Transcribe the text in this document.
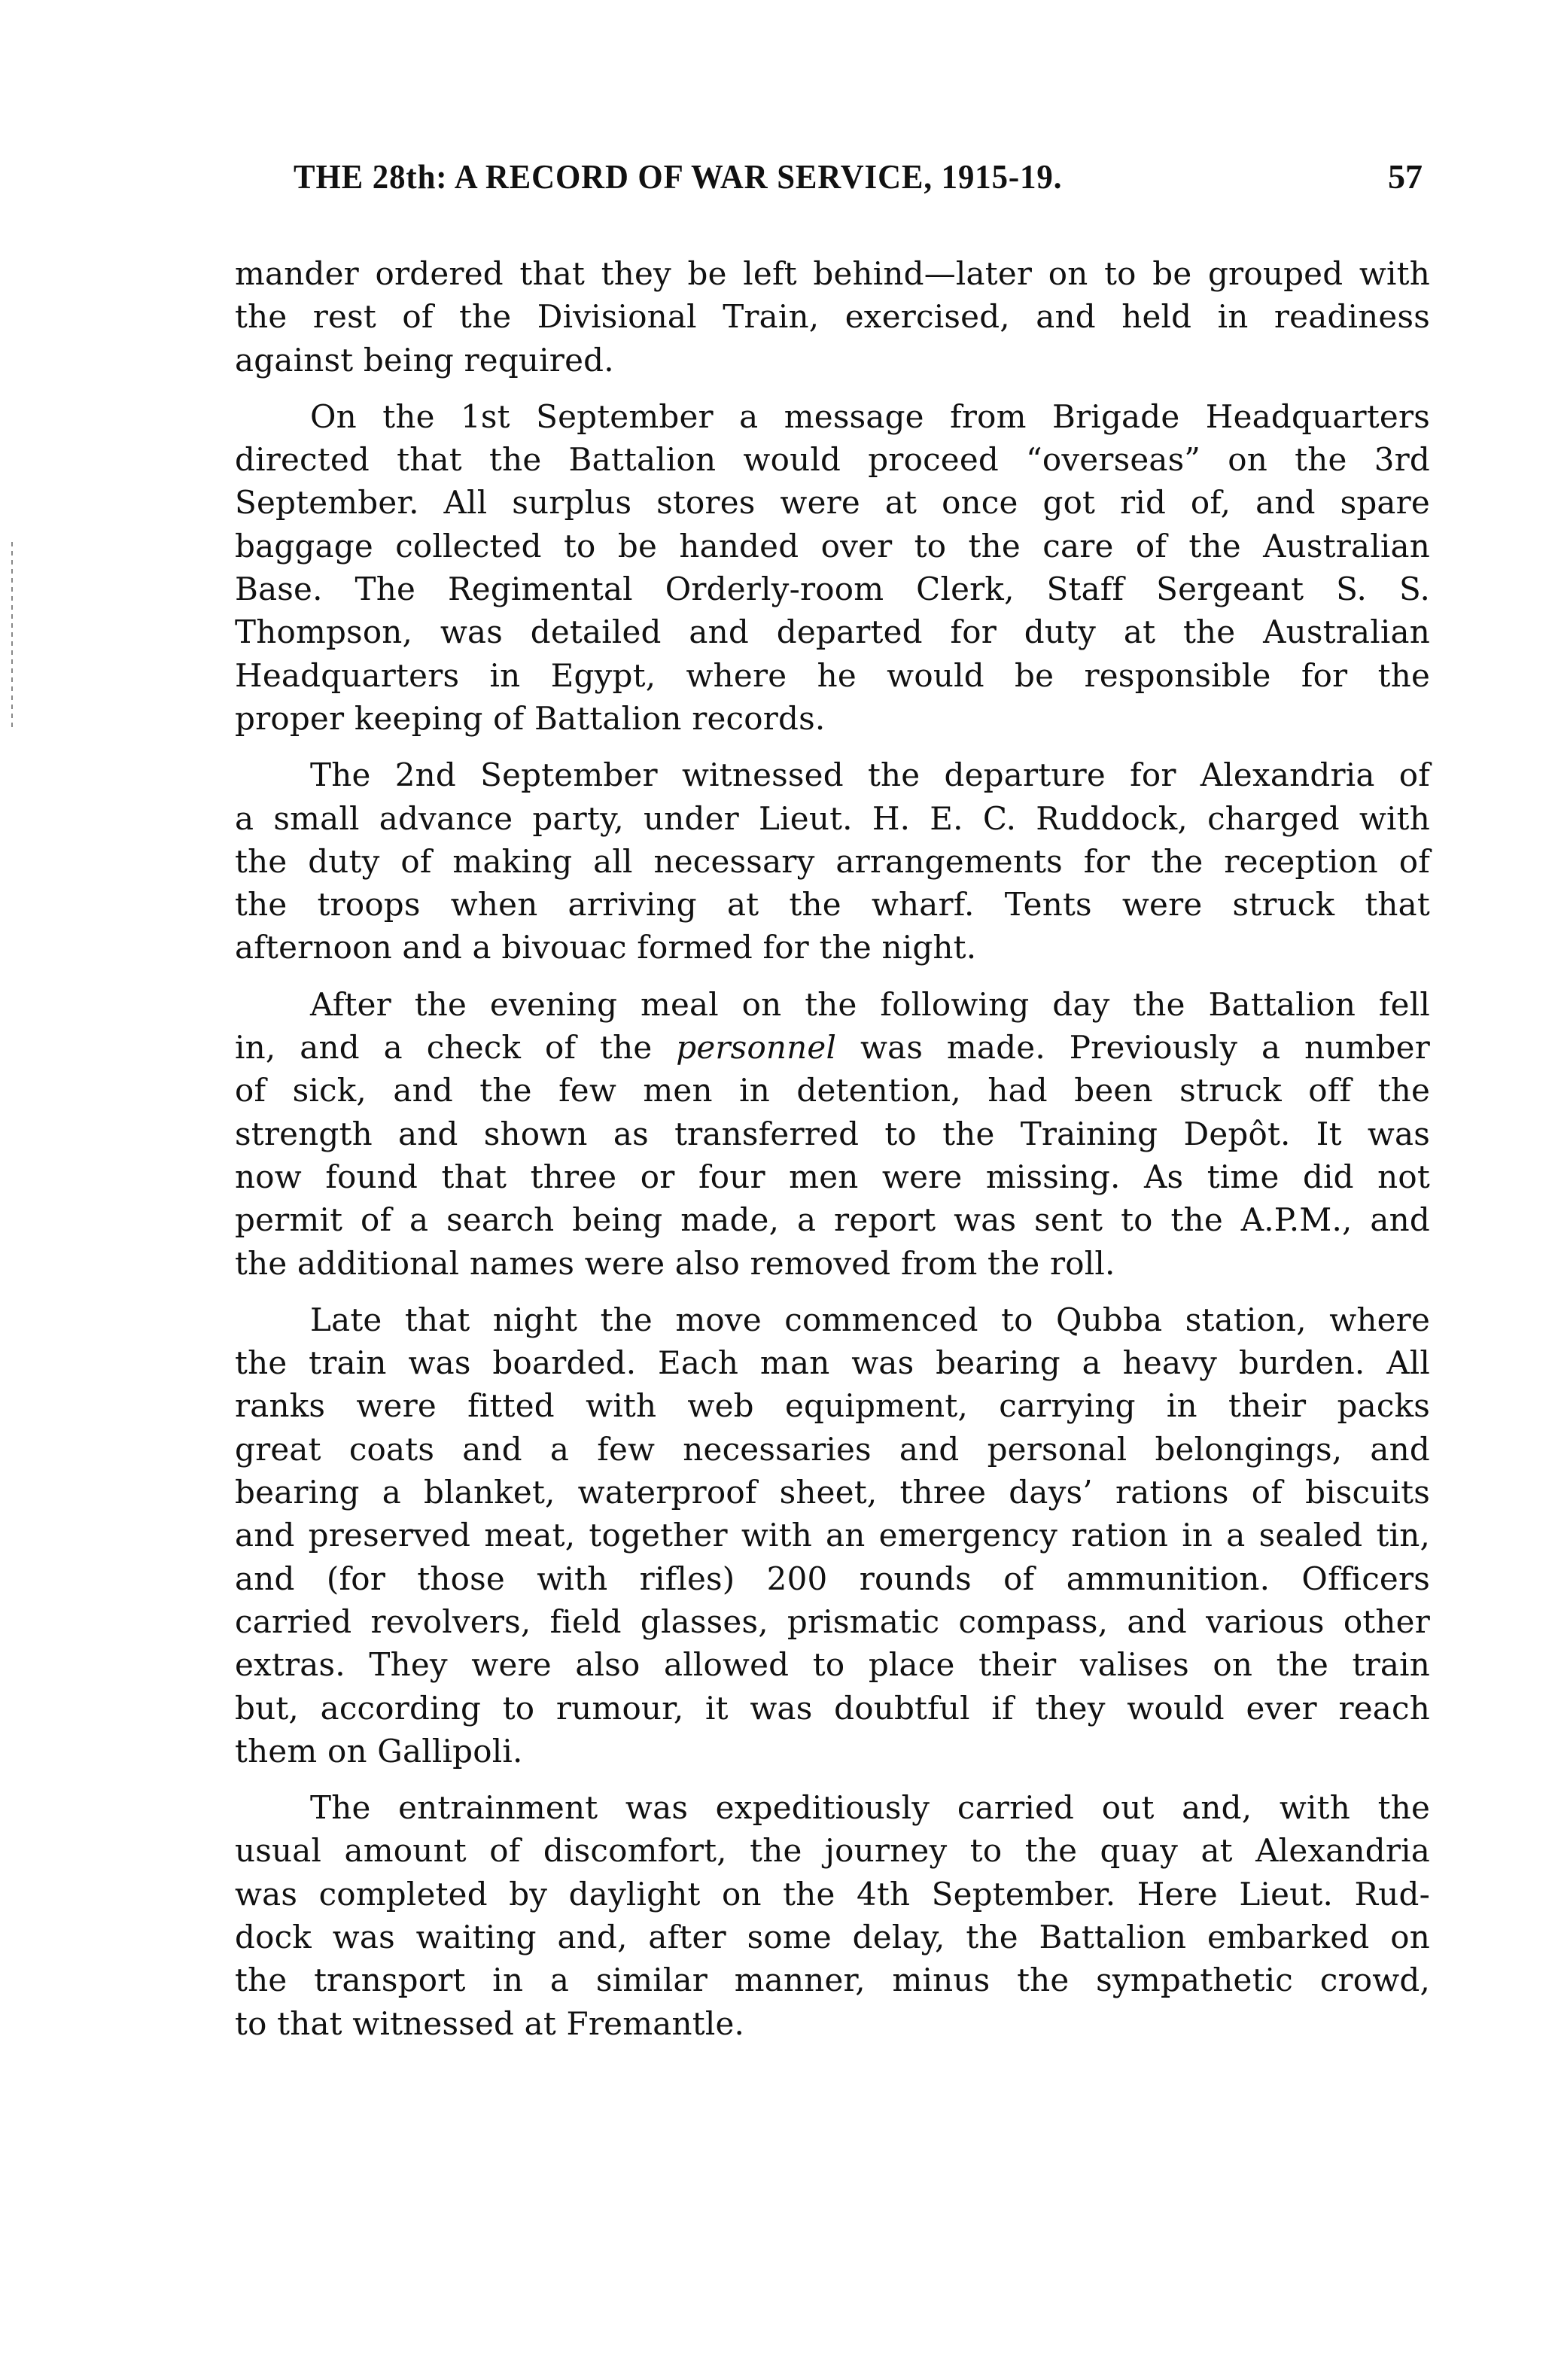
THE 28th: A RECORD OF WAR SERVICE, 1915-19.	57
mander ordered that they be left behind—later on to be grouped with
the rest of the Divisional Train, exercised, and held in readiness
against being required.
On the 1st September a message from Brigade Headquarters
directed that the Battalion would proceed “overseas” on the 3rd
September. All surplus stores were at once got rid of, and spare
baggage collected to be handed over to the care of the Australian
Base. The Regimental Orderly-room Clerk, Staff Sergeant S. S.
Thompson, was detailed and departed for duty at the Australian
Headquarters in Egypt, where he would be responsible for the
proper keeping of Battalion records.
The 2nd September witnessed the departure for Alexandria of
a small advance party, under Lieut. H. E. C. Ruddock, charged with
the duty of making all necessary arrangements for the reception of
the troops when arriving at the wharf. Tents were struck that
afternoon and a bivouac formed for the night.
After the evening meal on the following day the Battalion fell
in, and a check of the personnel was made. Previously a number
of sick, and the few men in detention, had been struck off the
strength and shown as transferred to the Training Depôt. It was
now found that three or four men were missing. As time did not
permit of a search being made, a report was sent to the A.P.M., and
the additional names were also removed from the roll.
Late that night the move commenced to Qubba station, where
the train was boarded. Each man was bearing a heavy burden. All
ranks were fitted with web equipment, carrying in their packs
great coats and a few necessaries and personal belongings, and
bearing a blanket, waterproof sheet, three days’ rations of biscuits
and preserved meat, together with an emergency ration in a sealed tin,
and (for those with rifles) 200 rounds of ammunition. Officers
carried revolvers, field glasses, prismatic compass, and various other
extras. They were also allowed to place their valises on the train
but, according to rumour, it was doubtful if they would ever reach
them on Gallipoli.
The entrainment was expeditiously carried out and, with the
usual amount of discomfort, the journey to the quay at Alexandria
was completed by daylight on the 4th September. Here Lieut. Rud-
dock was waiting and, after some delay, the Battalion embarked on
the transport in a similar manner, minus the sympathetic crowd,
to that witnessed at Fremantle.
